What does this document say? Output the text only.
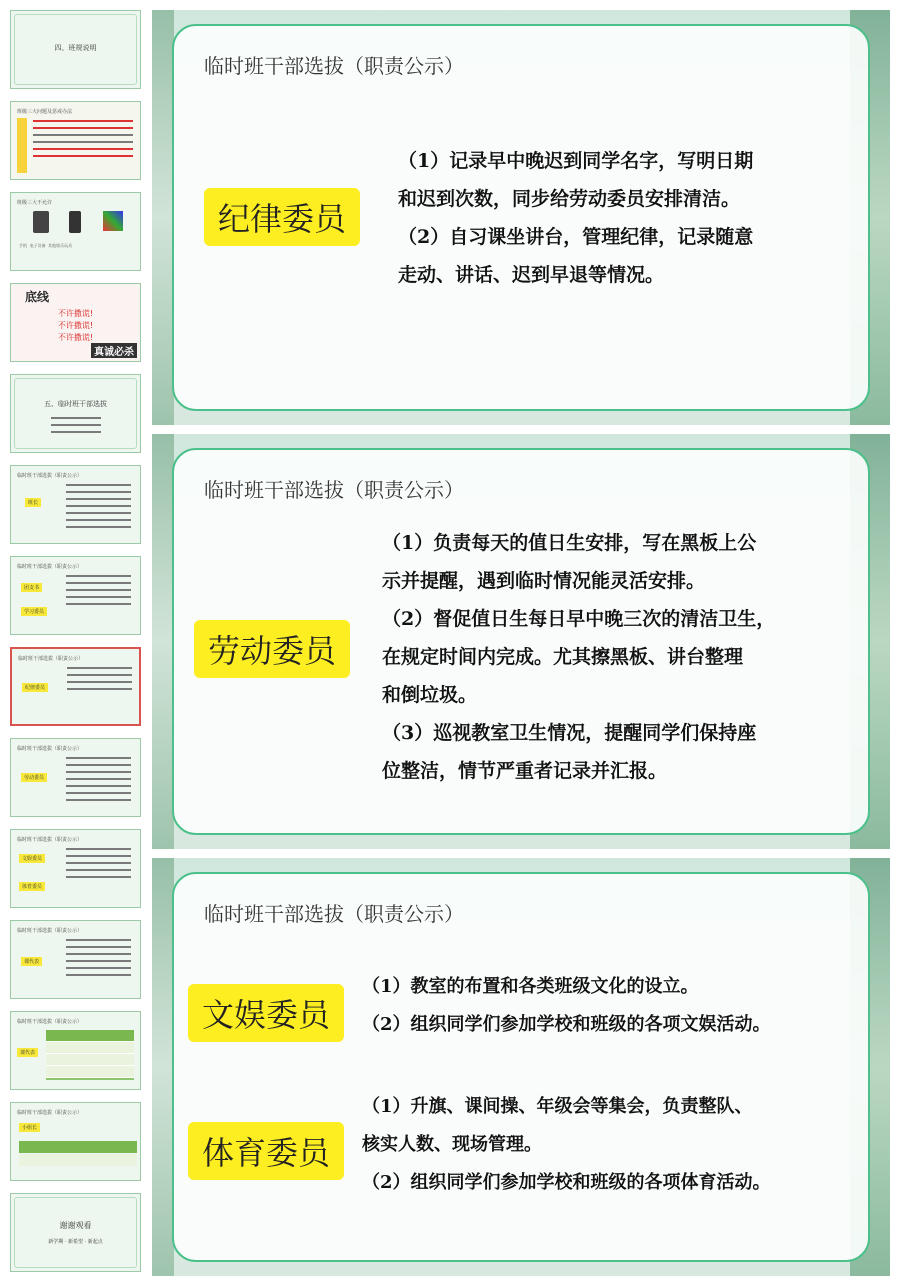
四、班规说明
班级三大问题及惩戒办法
班级三大不允许
手机 电子设备 其他娱乐玩具
底线
不许撒谎!
不许撒谎!
不许撒谎!
真诚必杀
五、临时班干部选拔
临时班干部选拔（职责公示）
班长
临时班干部选拔（职责公示）
团支书
学习委员
临时班干部选拔（职责公示）
纪律委员
临时班干部选拔（职责公示）
劳动委员
临时班干部选拔（职责公示）
文娱委员
体育委员
临时班干部选拔（职责公示）
课代表
临时班干部选拔（职责公示）
课代表
临时班干部选拔（职责公示）
小组长
谢谢观看
新学期 · 新希望 · 新起点
临时班干部选拔（职责公示）
纪律委员

（1）记录早中晚迟到同学名字，写明日期

和迟到次数，同步给劳动委员安排清洁。

（2）自习课坐讲台，管理纪律，记录随意

走动、讲话、迟到早退等情况。

临时班干部选拔（职责公示）
劳动委员

（1）负责每天的值日生安排，写在黑板上公

示并提醒，遇到临时情况能灵活安排。

（2）督促值日生每日早中晚三次的清洁卫生，

在规定时间内完成。尤其擦黑板、讲台整理

和倒垃圾。

（3）巡视教室卫生情况，提醒同学们保持座

位整洁，情节严重者记录并汇报。

临时班干部选拔（职责公示）
文娱委员

（1）教室的布置和各类班级文化的设立。

（2）组织同学们参加学校和班级的各项文娱活动。

体育委员

（1）升旗、课间操、年级会等集会，负责整队、

核实人数、现场管理。

（2）组织同学们参加学校和班级的各项体育活动。
